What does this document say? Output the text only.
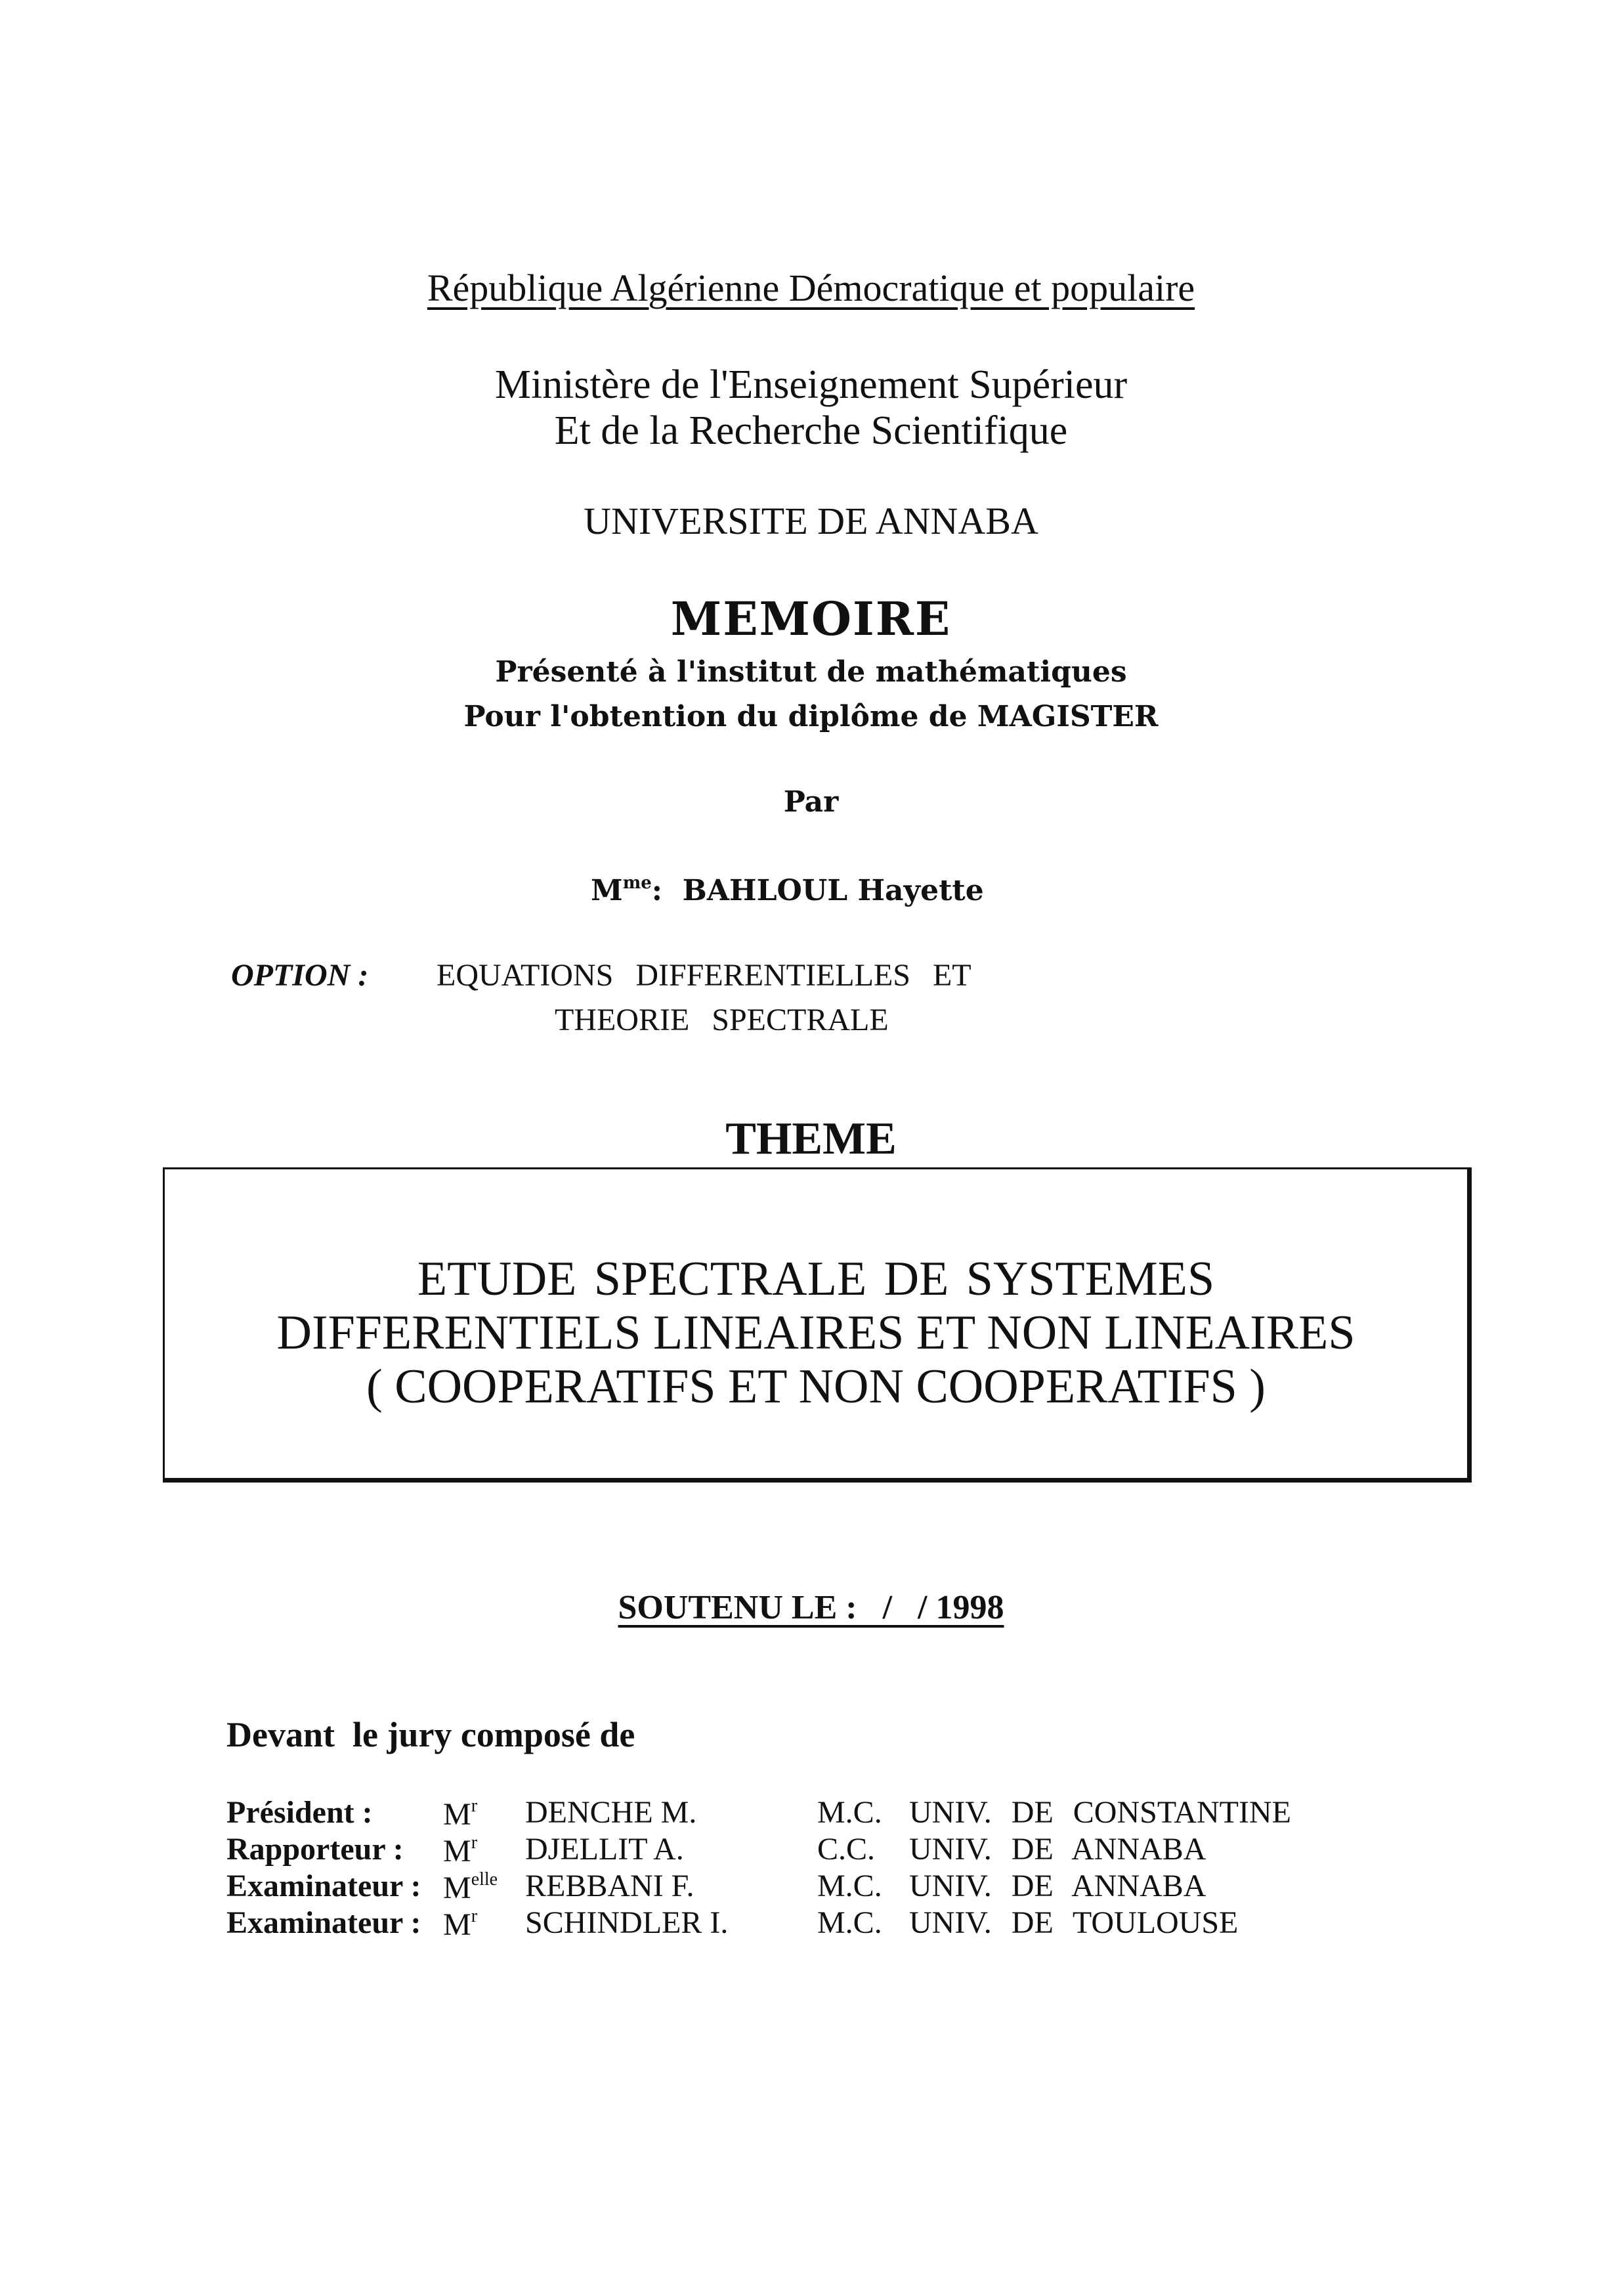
République Algérienne Démocratique et populaire
Ministère de l'Enseignement Supérieur
Et de la Recherche Scientifique
UNIVERSITE DE ANNABA
MEMOIRE
Présenté à l'institut de mathématiques
Pour l'obtention du diplôme de MAGISTER
Par
$M^{me}$: BAHLOUL Hayette
OPTION : EQUATIONS DIFFERENTIELLES ET
THEORIE SPECTRALE
THEME
ETUDE SPECTRALE DE SYSTEMES
DIFFERENTIELS LINEAIRES ET NON LINEAIRES
( COOPERATIFS ET NON COOPERATIFS )
SOUTENU LE :   /   / 1998
Devant  le jury composé de
Président : $M^r$ DENCHE M.	M.C. UNIV. DE CONSTANTINE
Rapporteur : $M^r$ DJELLIT A.	C.C. UNIV. DE ANNABA
Examinateur : $M^{elle}$ REBBANI F.	M.C. UNIV. DE ANNABA
Examinateur : $M^r$ SCHINDLER I.	M.C. UNIV. DE TOULOUSE
